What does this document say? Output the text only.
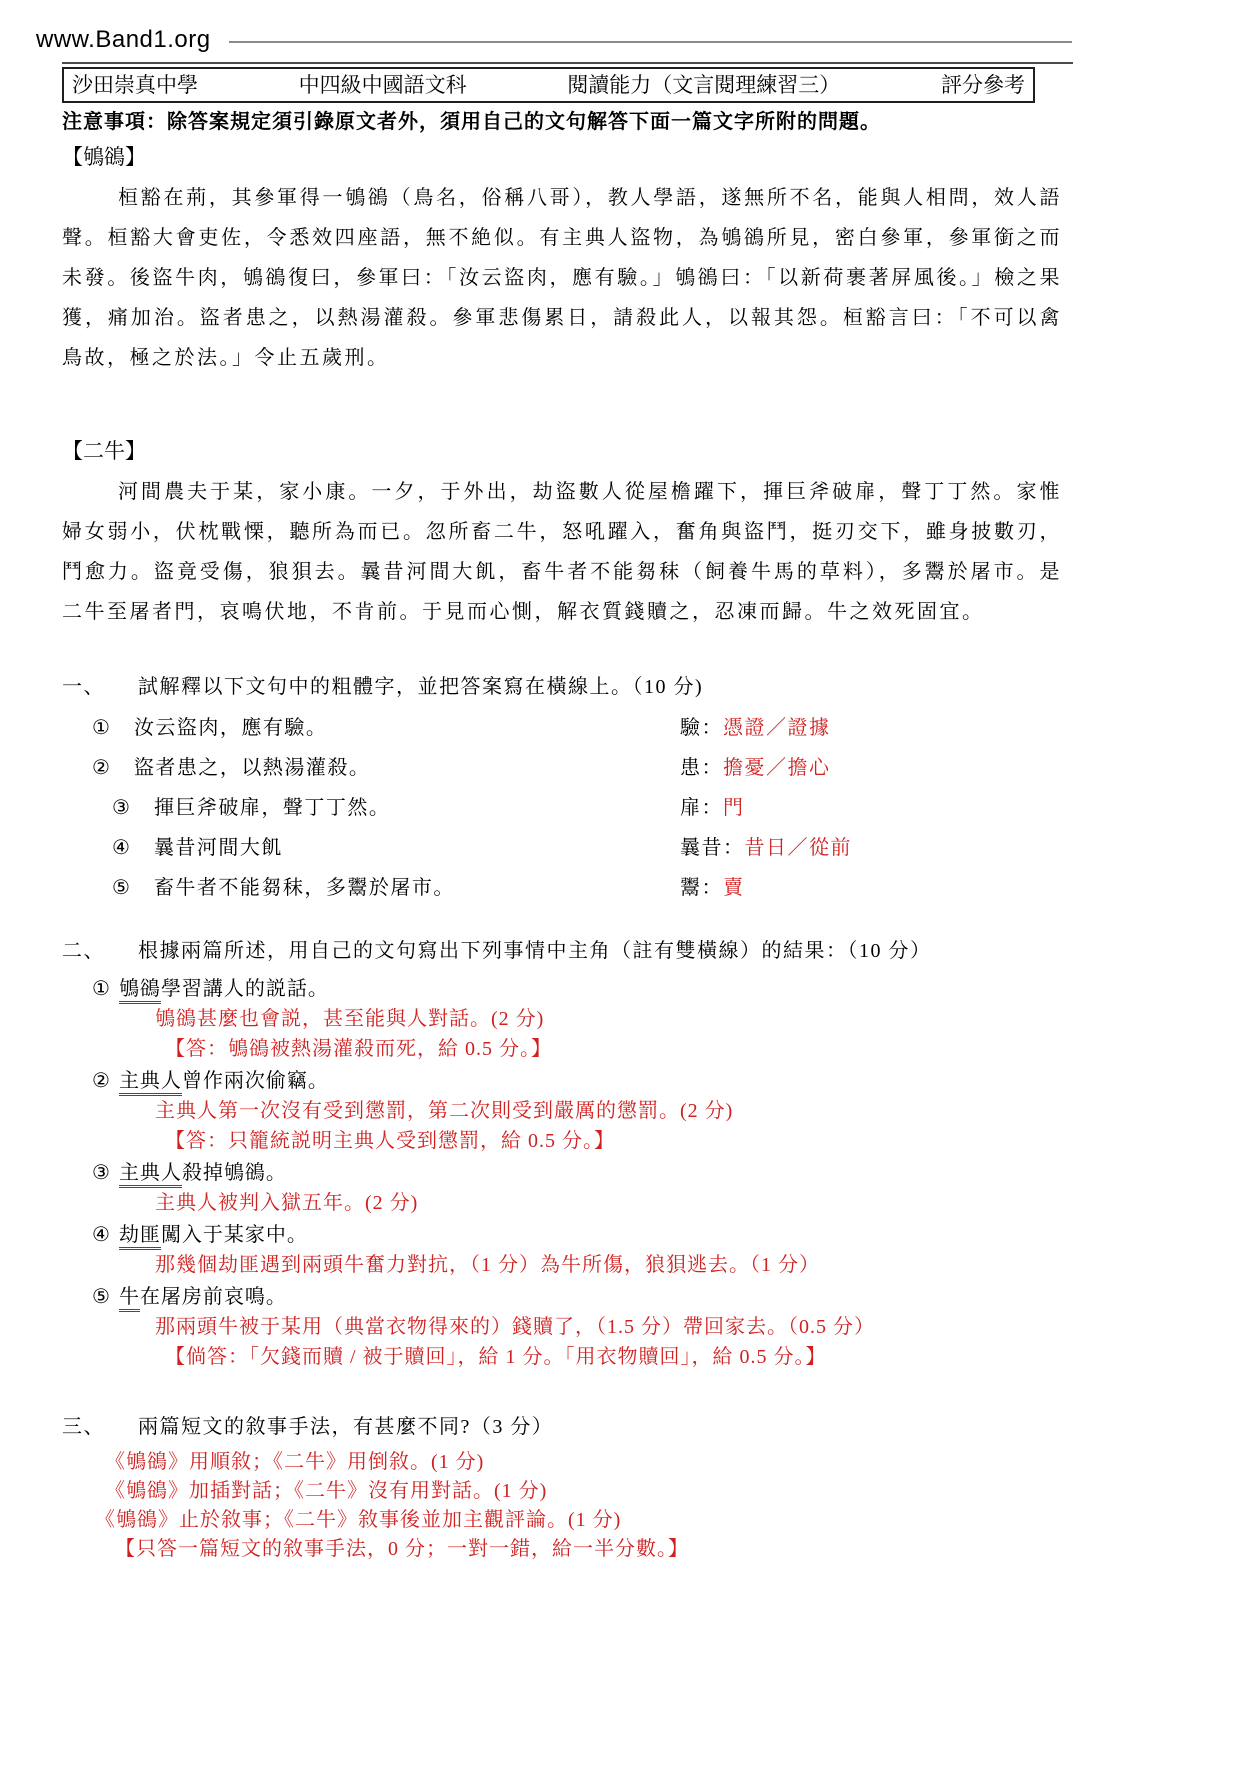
www.Band1.org
沙田崇真中學	中四級中國語文科	閱讀能力（文言閱理練習三）	評分參考
注意事項：除答案規定須引錄原文者外，須用自己的文句解答下面一篇文字所附的問題。
【鴝鵒】
桓豁在荊，其參軍得一鴝鵒（鳥名，俗稱八哥），教人學語，遂無所不名，能與人相問，效人語聲。桓豁大會吏佐，令悉效四座語，無不絶似。有主典人盜物，為鴝鵒所見，密白參軍，參軍銜之而未發。後盜牛肉，鴝鵒復曰，參軍曰：「汝云盜肉，應有驗。」鴝鵒曰：「以新荷裹著屏風後。」檢之果獲，痛加治。盜者患之，以熱湯灌殺。參軍悲傷累日，請殺此人，以報其怨。桓豁言曰：「不可以禽鳥故，極之於法。」令止五歲刑。
【二牛】
河間農夫于某，家小康。一夕，于外出，劫盜數人從屋檐躍下，揮巨斧破扉，聲丁丁然。家惟婦女弱小，伏枕戰慄，聽所為而已。忽所畜二牛，怒吼躍入，奮角與盜鬥，挺刃交下，雖身披數刃，鬥愈力。盜竟受傷，狼狽去。曩昔河間大飢，畜牛者不能芻秣（飼養牛馬的草料），多鬻於屠市。是二牛至屠者門，哀鳴伏地，不肯前。于見而心惻，解衣質錢贖之，忍凍而歸。牛之效死固宜。
一、 試解釋以下文句中的粗體字，並把答案寫在橫線上。（10 分)
① 汝云盜肉，應有驗。	驗：憑證／證據
② 盜者患之，以熱湯灌殺。	患：擔憂／擔心
③ 揮巨斧破扉，聲丁丁然。	扉：門
④ 曩昔河間大飢	曩昔：昔日／從前
⑤ 畜牛者不能芻秣，多鬻於屠市。	鬻：賣
二、 根據兩篇所述，用自己的文句寫出下列事情中主角（註有雙橫線）的結果：（10 分）
① 鴝鵒學習講人的説話。
鴝鵒甚麼也會説，甚至能與人對話。(2 分)
【答：鴝鵒被熱湯灌殺而死，給 0.5 分。】
② 主典人曾作兩次偷竊。
主典人第一次沒有受到懲罰，第二次則受到嚴厲的懲罰。(2 分)
【答：只籠統説明主典人受到懲罰，給 0.5 分。】
③ 主典人殺掉鴝鵒。
主典人被判入獄五年。(2 分)
④ 劫匪闖入于某家中。
那幾個劫匪遇到兩頭牛奮力對抗，（1 分）為牛所傷，狼狽逃去。（1 分）
⑤ 牛在屠房前哀鳴。
那兩頭牛被于某用（典當衣物得來的）錢贖了，（1.5 分）帶回家去。（0.5 分）
【倘答：「欠錢而贖 / 被于贖回」，給 1 分。「用衣物贖回」，給 0.5 分。】
三、 兩篇短文的敘事手法，有甚麼不同?（3 分）
《鴝鵒》用順敘；《二牛》用倒敘。(1 分)
《鴝鵒》加插對話；《二牛》沒有用對話。(1 分)
《鴝鵒》止於敘事；《二牛》敘事後並加主觀評論。(1 分)
【只答一篇短文的敘事手法，0 分；一對一錯，給一半分數。】
